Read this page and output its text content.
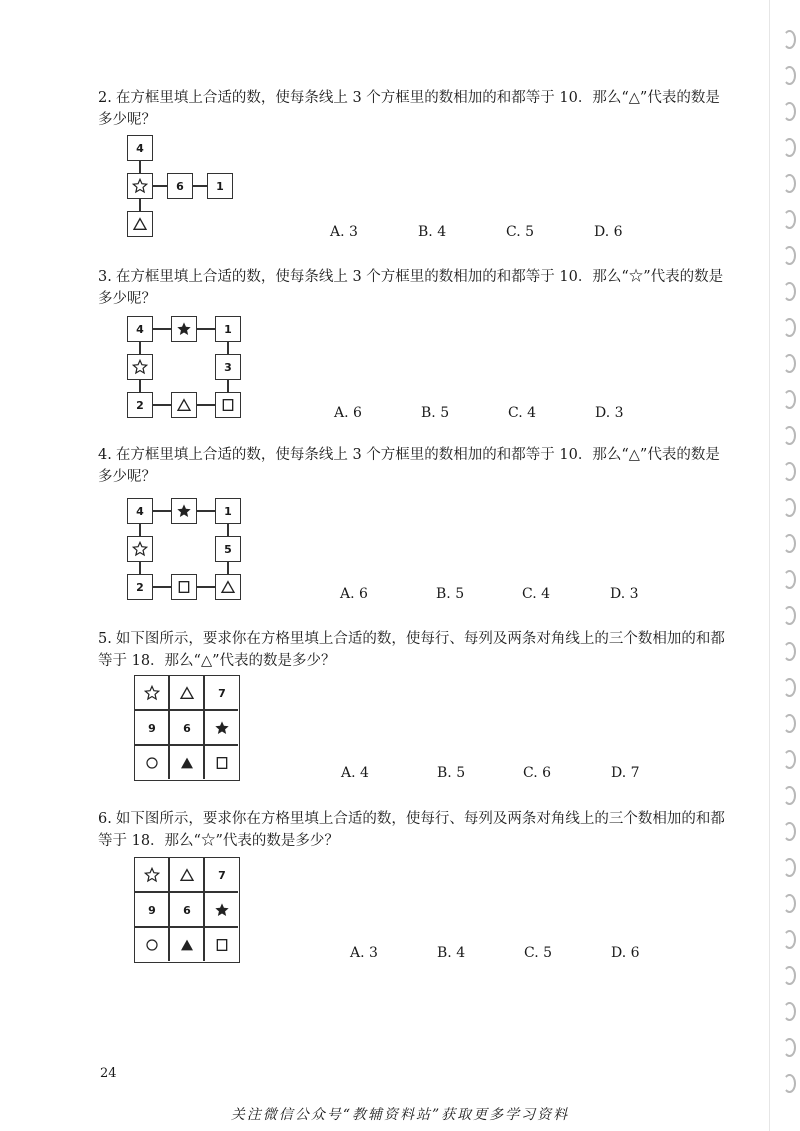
2. 在方框里填上合适的数，使每条线上 3 个方框里的数相加的和都等于 10．那么“△”代表的数是多少呢？
4
6	1
A. 3	B. 4	C. 5	D. 6
3. 在方框里填上合适的数，使每条线上 3 个方框里的数相加的和都等于 10．那么“☆”代表的数是多少呢？
4	1
3
2	A. 6	B. 5	C. 4	D. 3
4. 在方框里填上合适的数，使每条线上 3 个方框里的数相加的和都等于 10．那么“△”代表的数是多少呢？
4	1
5
2	A. 6	B. 5	C. 4	D. 3
5. 如下图所示，要求你在方格里填上合适的数，使每行、每列及两条对角线上的三个数相加的和都等于 18．那么“△”代表的数是多少？
7
9	6
A. 4	B. 5	C. 6	D. 7
6. 如下图所示，要求你在方格里填上合适的数，使每行、每列及两条对角线上的三个数相加的和都等于 18．那么“☆”代表的数是多少？
7
9	6
A. 3	B. 4	C. 5	D. 6
24
关注微信公众号“教辅资料站”获取更多学习资料
